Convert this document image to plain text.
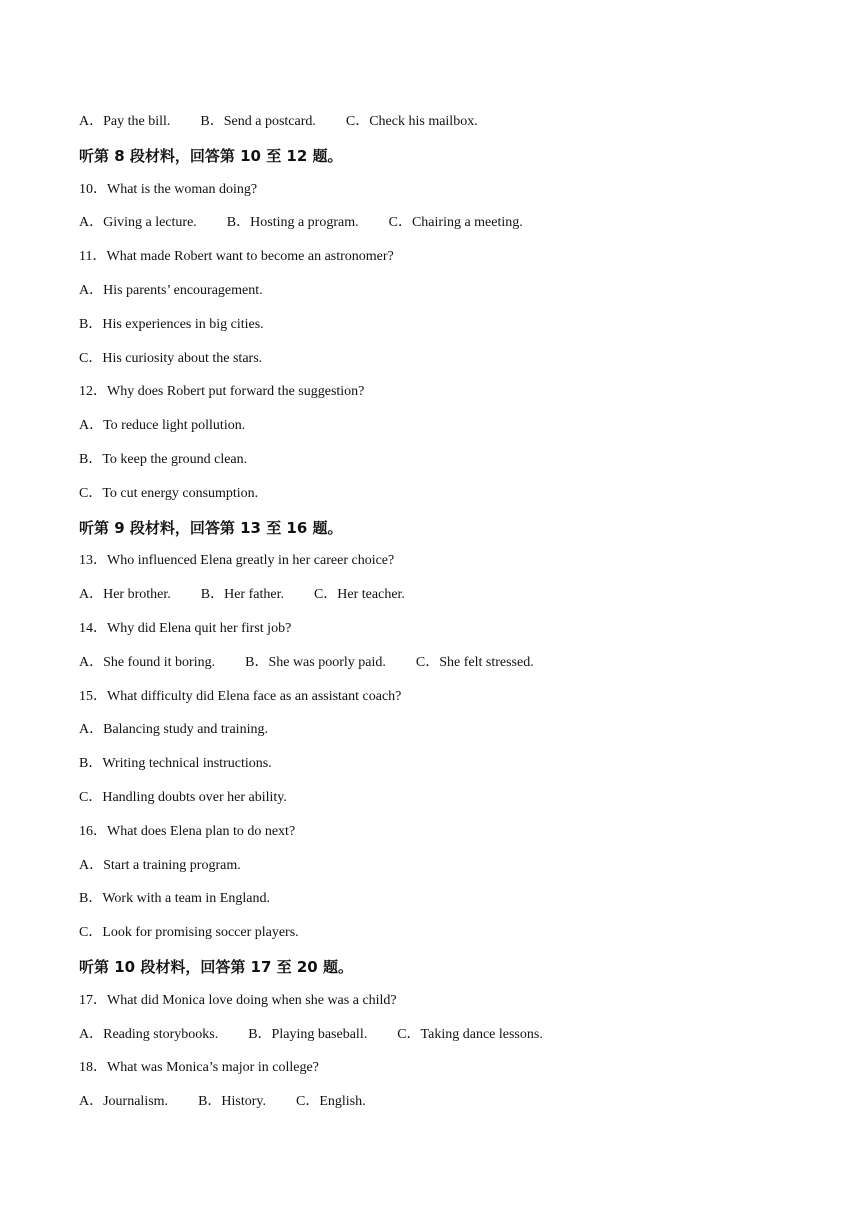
A．Pay the bill. B．Send a postcard. C．Check his mailbox.
听第 8 段材料，回答第 10 至 12 题。
10．What is the woman doing?
A．Giving a lecture. B．Hosting a program. C．Chairing a meeting.
11．What made Robert want to become an astronomer?
A．His parents’ encouragement.
B．His experiences in big cities.
C．His curiosity about the stars.
12．Why does Robert put forward the suggestion?
A．To reduce light pollution.
B．To keep the ground clean.
C．To cut energy consumption.
听第 9 段材料，回答第 13 至 16 题。
13．Who influenced Elena greatly in her career choice?
A．Her brother. B．Her father. C．Her teacher.
14．Why did Elena quit her first job?
A．She found it boring. B．She was poorly paid. C．She felt stressed.
15．What difficulty did Elena face as an assistant coach?
A．Balancing study and training.
B．Writing technical instructions.
C．Handling doubts over her ability.
16．What does Elena plan to do next?
A．Start a training program.
B．Work with a team in England.
C．Look for promising soccer players.
听第 10 段材料，回答第 17 至 20 题。
17．What did Monica love doing when she was a child?
A．Reading storybooks. B．Playing baseball. C．Taking dance lessons.
18．What was Monica’s major in college?
A．Journalism. B．History. C．English.
